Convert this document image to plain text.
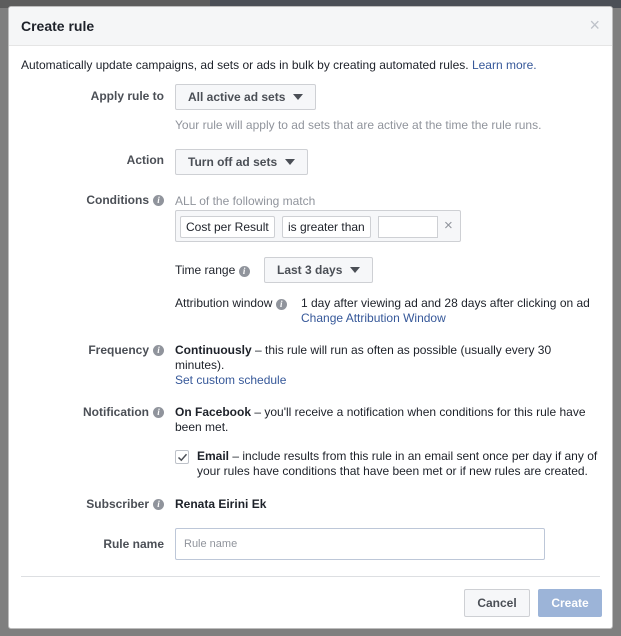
Create rule	×
Automatically update campaigns, ad sets or ads in bulk by creating automated rules. Learn more.
Apply rule to All active ad sets
Your rule will apply to ad sets that are active at the time the rule runs.
Action Turn off ad sets
Conditions i	ALL of the following match
Cost per Result	is greater than	×
Time range i	Last 3 days
Attribution window i	1 day after viewing ad and 28 days after clicking on ad
Change Attribution Window
Frequency i	Continuously – this rule will run as often as possible (usually every 30 minutes).
Set custom schedule
Notification i	On Facebook – you'll receive a notification when conditions for this rule have been met.
Email – include results from this rule in an email sent once per day if any of your rules have conditions that have been met or if new rules are created.
Subscriber i	Renata Eirini Ek
Rule name
Rule name
Cancel	Create
